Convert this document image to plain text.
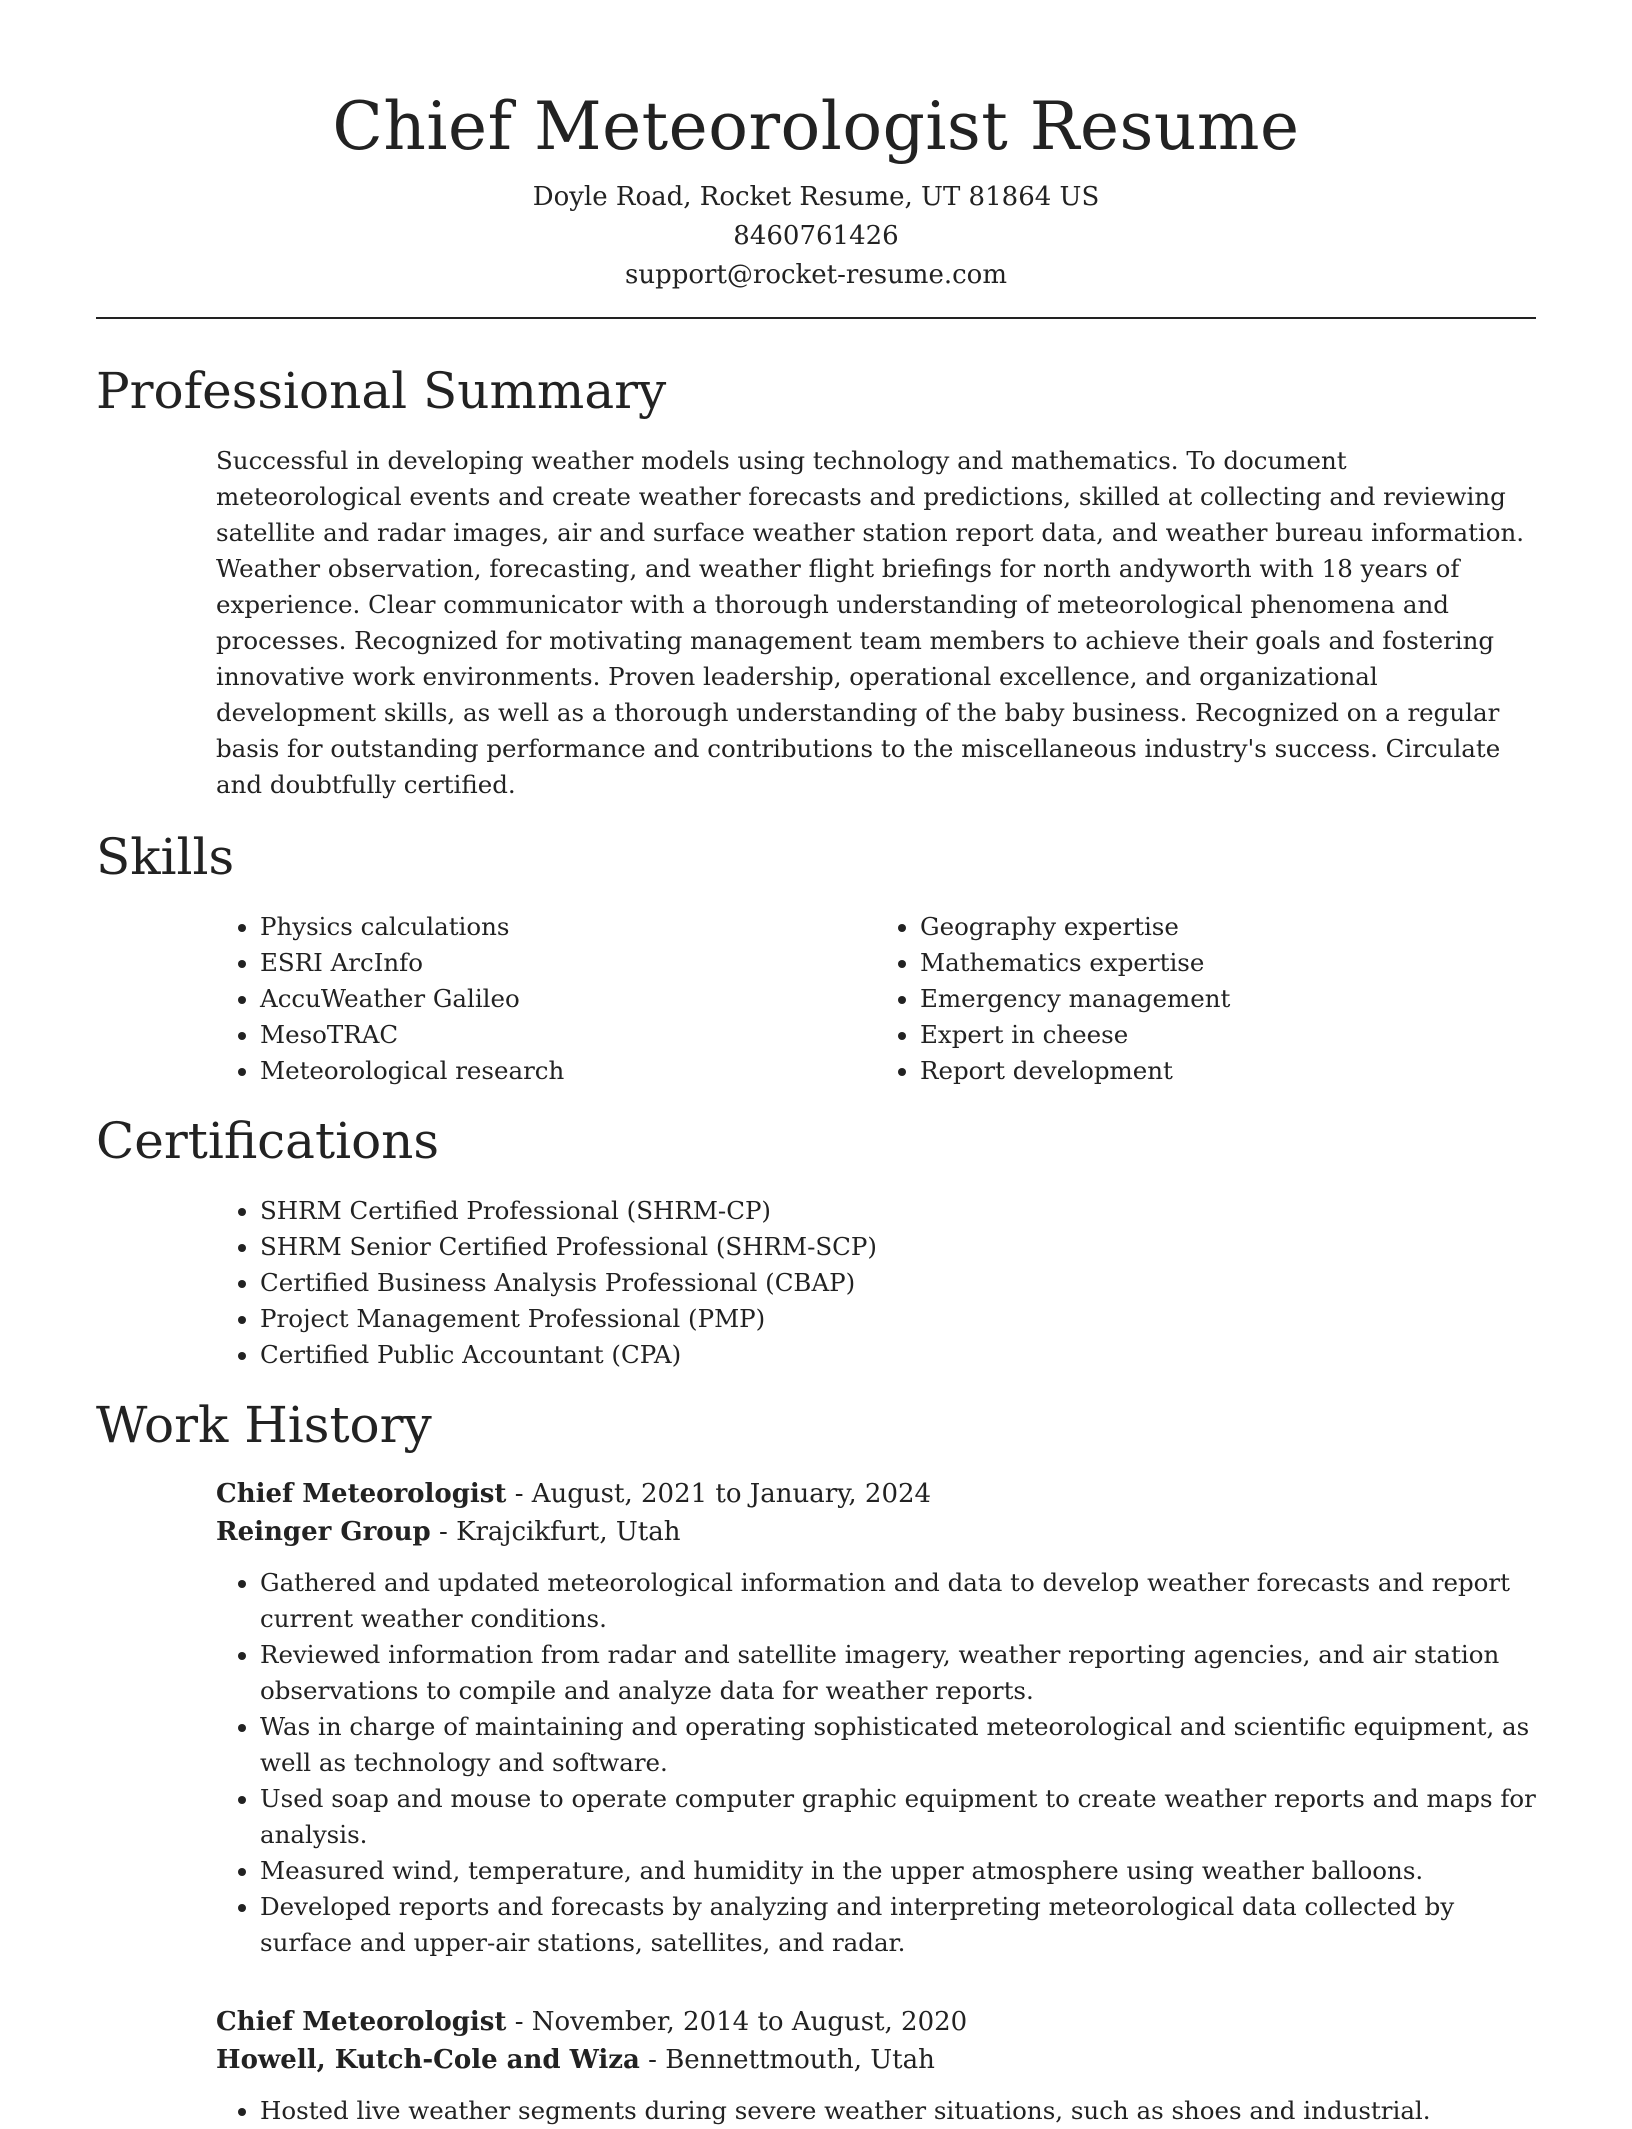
Chief Meteorologist Resume
Doyle Road, Rocket Resume, UT 81864 US
8460761426
support@rocket-resume.com
Professional Summary

Successful in developing weather models using technology and mathematics. To document meteorological events and create weather forecasts and predictions, skilled at collecting and reviewing satellite and radar images, air and surface weather station report data, and weather bureau information. Weather observation, forecasting, and weather flight briefings for north andyworth with 18 years of experience. Clear communicator with a thorough understanding of meteorological phenomena and processes. Recognized for motivating management team members to achieve their goals and fostering innovative work environments. Proven leadership, operational excellence, and organizational development skills, as well as a thorough understanding of the baby business. Recognized on a regular basis for outstanding performance and contributions to the miscellaneous industry's success. Circulate and doubtfully certified.

Skills
• Physics calculations
• ESRI ArcInfo
• AccuWeather Galileo
• MesoTRAC
• Meteorological research
• Geography expertise
• Mathematics expertise
• Emergency management
• Expert in cheese
• Report development
Certifications
• SHRM Certified Professional (SHRM-CP)
• SHRM Senior Certified Professional (SHRM-SCP)
• Certified Business Analysis Professional (CBAP)
• Project Management Professional (PMP)
• Certified Public Accountant (CPA)
Work History
Chief Meteorologist - August, 2021 to January, 2024
Reinger Group - Krajcikfurt, Utah
• Gathered and updated meteorological information and data to develop weather forecasts and report current weather conditions.
• Reviewed information from radar and satellite imagery, weather reporting agencies, and air station observations to compile and analyze data for weather reports.
• Was in charge of maintaining and operating sophisticated meteorological and scientific equipment, as well as technology and software.
• Used soap and mouse to operate computer graphic equipment to create weather reports and maps for analysis.
• Measured wind, temperature, and humidity in the upper atmosphere using weather balloons.
• Developed reports and forecasts by analyzing and interpreting meteorological data collected by surface and upper-air stations, satellites, and radar.
Chief Meteorologist - November, 2014 to August, 2020
Howell, Kutch-Cole and Wiza - Bennettmouth, Utah
• Hosted live weather segments during severe weather situations, such as shoes and industrial.
